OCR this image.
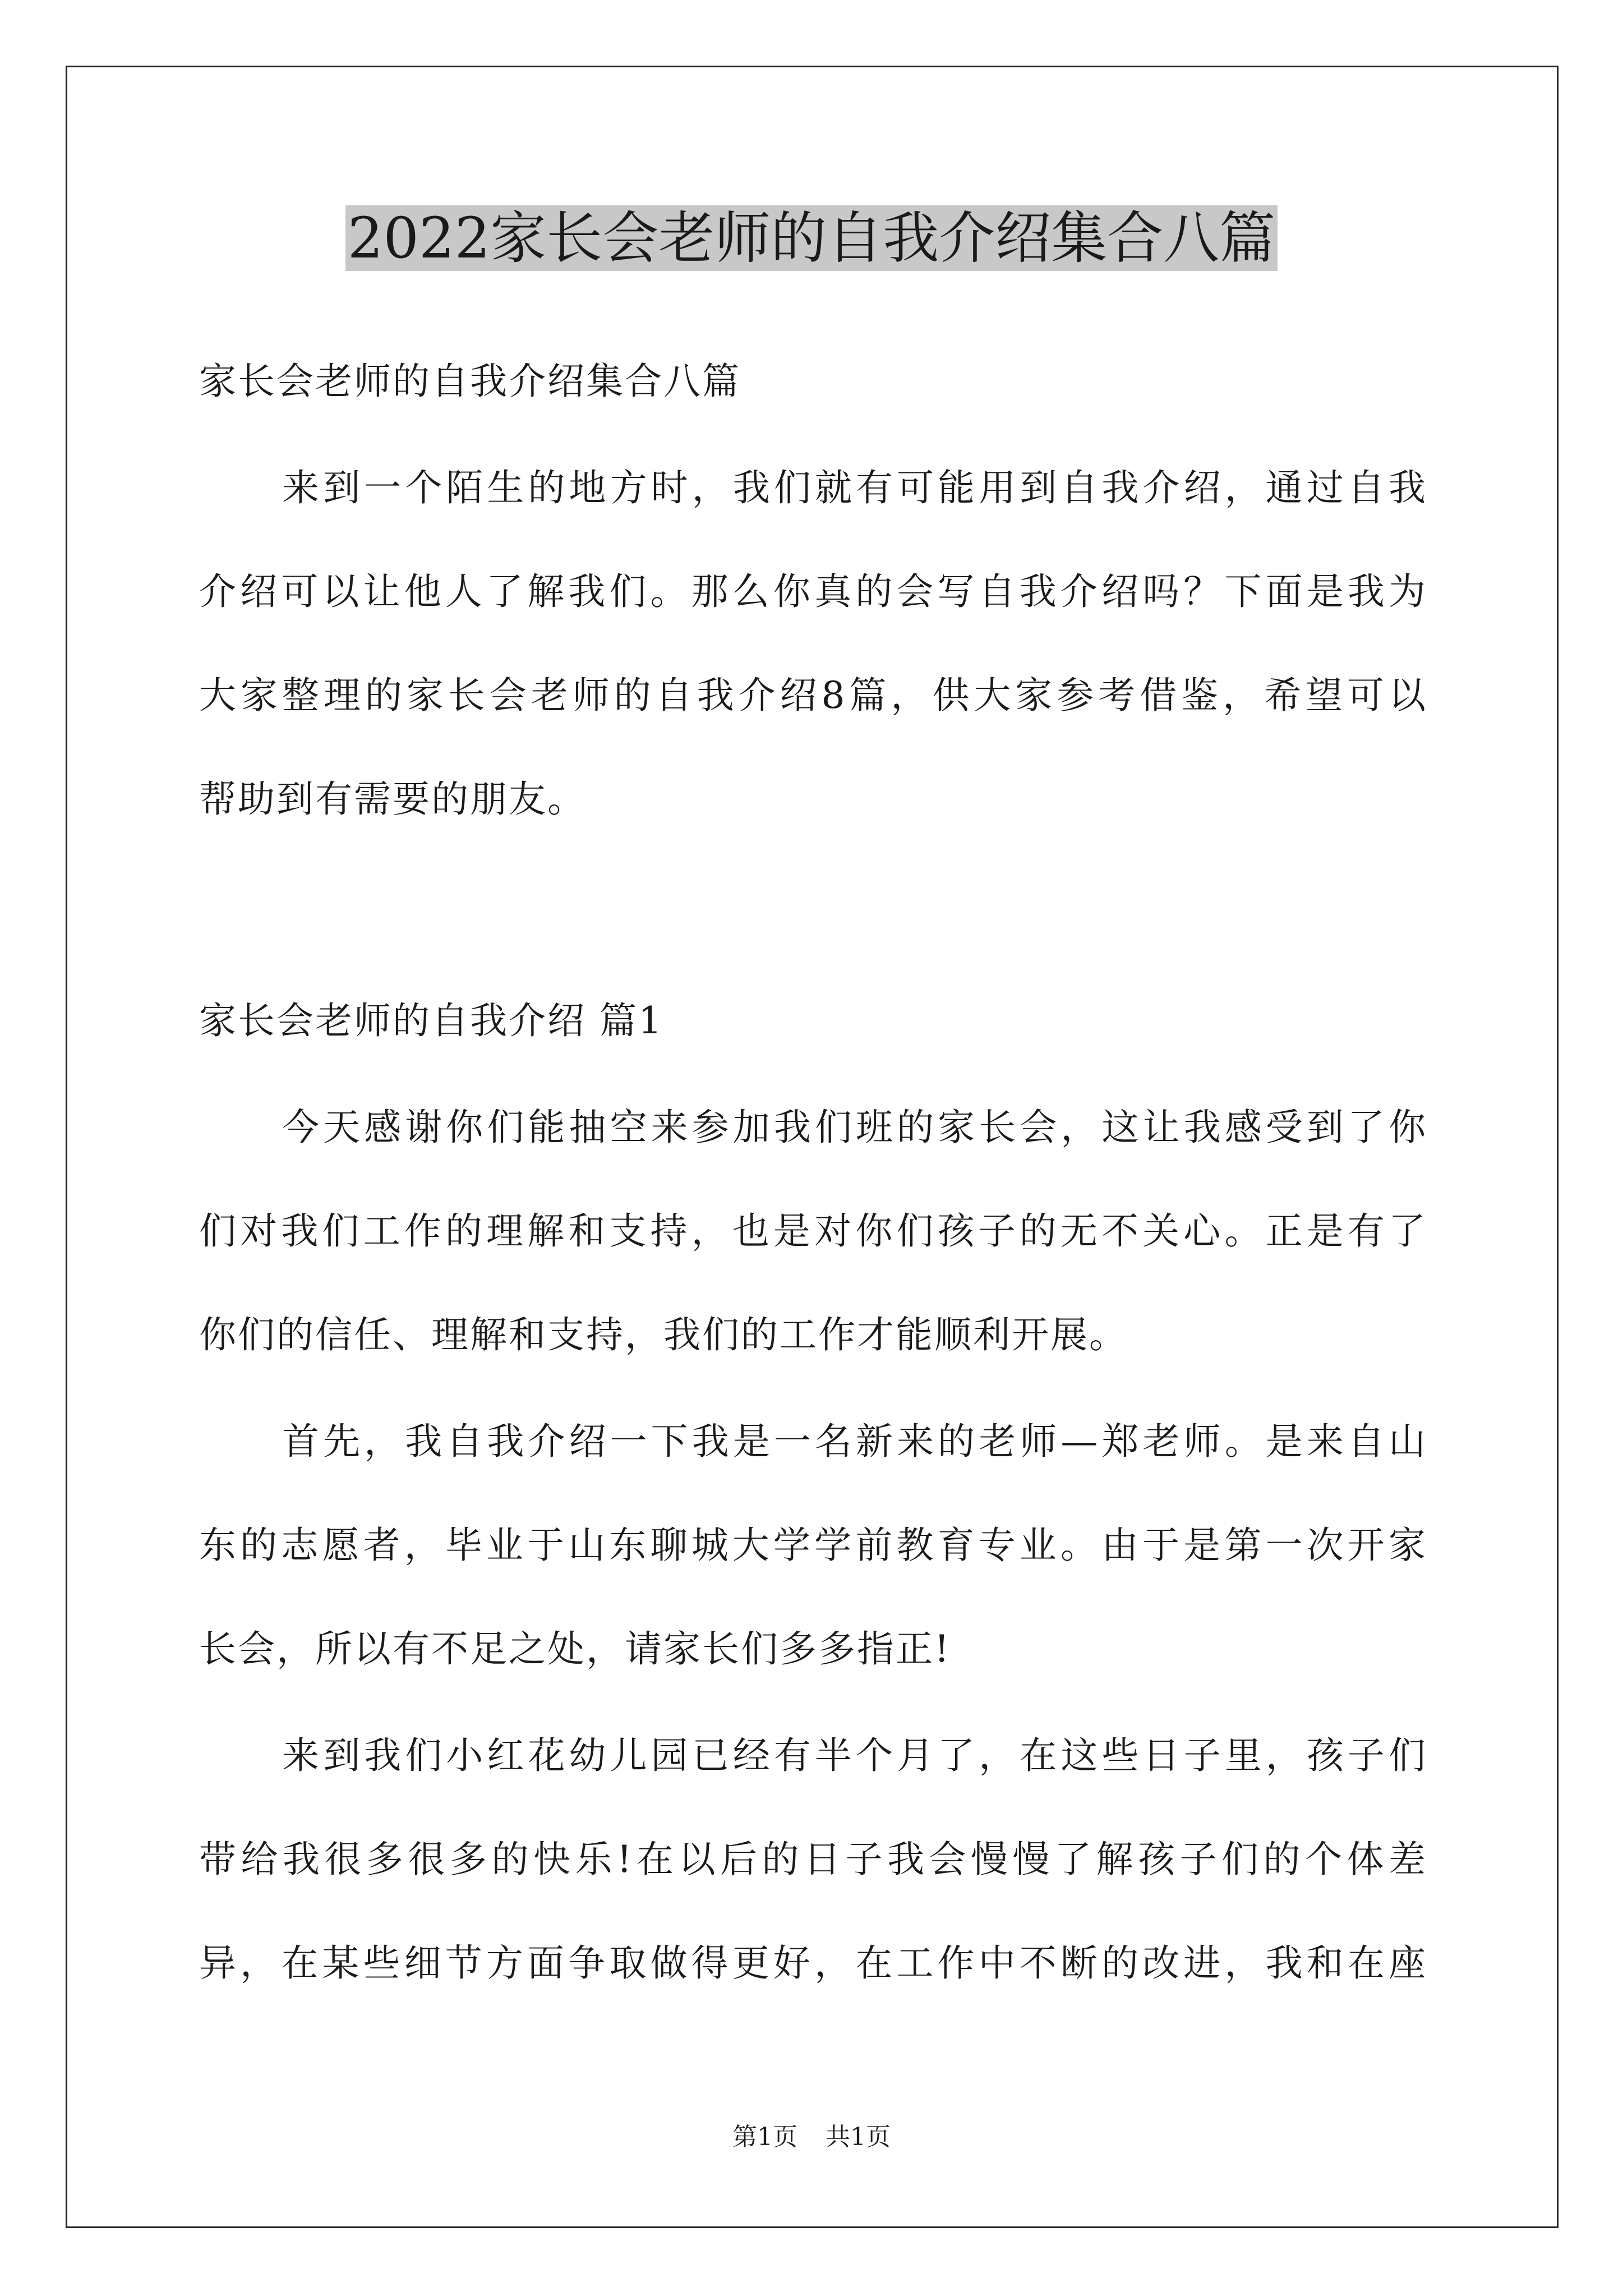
2022家长会老师的自我介绍集合八篇
家长会老师的自我介绍集合八篇
来到一个陌生的地方时，我们就有可能用到自我介绍，通过自我
介绍可以让他人了解我们。那么你真的会写自我介绍吗？下面是我为
大家整理的家长会老师的自我介绍8篇，供大家参考借鉴，希望可以
帮助到有需要的朋友。
家长会老师的自我介绍 篇1
今天感谢你们能抽空来参加我们班的家长会，这让我感受到了你
们对我们工作的理解和支持，也是对你们孩子的无不关心。正是有了
你们的信任、理解和支持，我们的工作才能顺利开展。
首先，我自我介绍一下我是一名新来的老师—郑老师。是来自山
东的志愿者，毕业于山东聊城大学学前教育专业。由于是第一次开家
长会，所以有不足之处，请家长们多多指正!
来到我们小红花幼儿园已经有半个月了，在这些日子里，孩子们
带给我很多很多的快乐!在以后的日子我会慢慢了解孩子们的个体差
异，在某些细节方面争取做得更好，在工作中不断的改进，我和在座
第1页 共1页
